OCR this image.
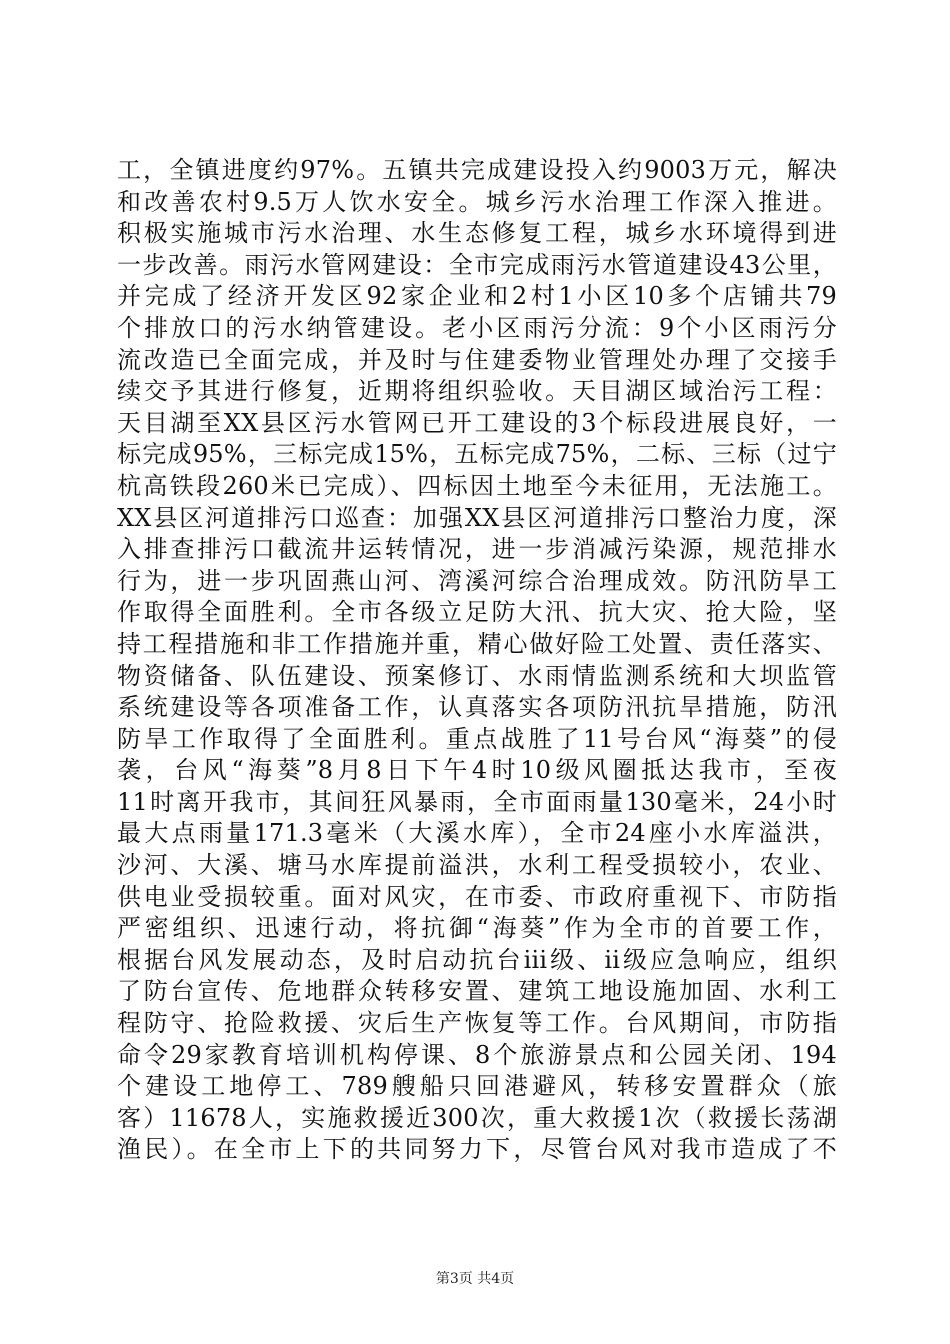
工，全镇进度约97%。五镇共完成建设投入约9003万元，解决
和改善农村9.5万人饮水安全。城乡污水治理工作深入推进。
积极实施城市污水治理、水生态修复工程，城乡水环境得到进
一步改善。雨污水管网建设：全市完成雨污水管道建设43公里，
并完成了经济开发区92家企业和2村1小区10多个店铺共79
个排放口的污水纳管建设。老小区雨污分流：9个小区雨污分
流改造已全面完成，并及时与住建委物业管理处办理了交接手
续交予其进行修复，近期将组织验收。天目湖区域治污工程：
天目湖至XX县区污水管网已开工建设的3个标段进展良好，一
标完成95%，三标完成15%，五标完成75%，二标、三标（过宁
杭高铁段260米已完成）、四标因土地至今未征用，无法施工。
XX县区河道排污口巡查：加强XX县区河道排污口整治力度，深
入排查排污口截流井运转情况，进一步消减污染源，规范排水
行为，进一步巩固燕山河、湾溪河综合治理成效。防汛防旱工
作取得全面胜利。全市各级立足防大汛、抗大灾、抢大险，坚
持工程措施和非工作措施并重，精心做好险工处置、责任落实、
物资储备、队伍建设、预案修订、水雨情监测系统和大坝监管
系统建设等各项准备工作，认真落实各项防汛抗旱措施，防汛
防旱工作取得了全面胜利。重点战胜了11号台风“海葵”的侵
袭，台风“海葵”8月8日下午4时10级风圈抵达我市，至夜
11时离开我市，其间狂风暴雨，全市面雨量130毫米，24小时
最大点雨量171.3毫米（大溪水库），全市24座小水库溢洪，
沙河、大溪、塘马水库提前溢洪，水利工程受损较小，农业、
供电业受损较重。面对风灾，在市委、市政府重视下、市防指
严密组织、迅速行动，将抗御“海葵”作为全市的首要工作，
根据台风发展动态，及时启动抗台iii级、ii级应急响应，组织
了防台宣传、危地群众转移安置、建筑工地设施加固、水利工
程防守、抢险救援、灾后生产恢复等工作。台风期间，市防指
命令29家教育培训机构停课、8个旅游景点和公园关闭、194
个建设工地停工、789艘船只回港避风，转移安置群众（旅
客）11678人，实施救援近300次，重大救援1次（救援长荡湖
渔民）。在全市上下的共同努力下，尽管台风对我市造成了不
第3页 共4页
